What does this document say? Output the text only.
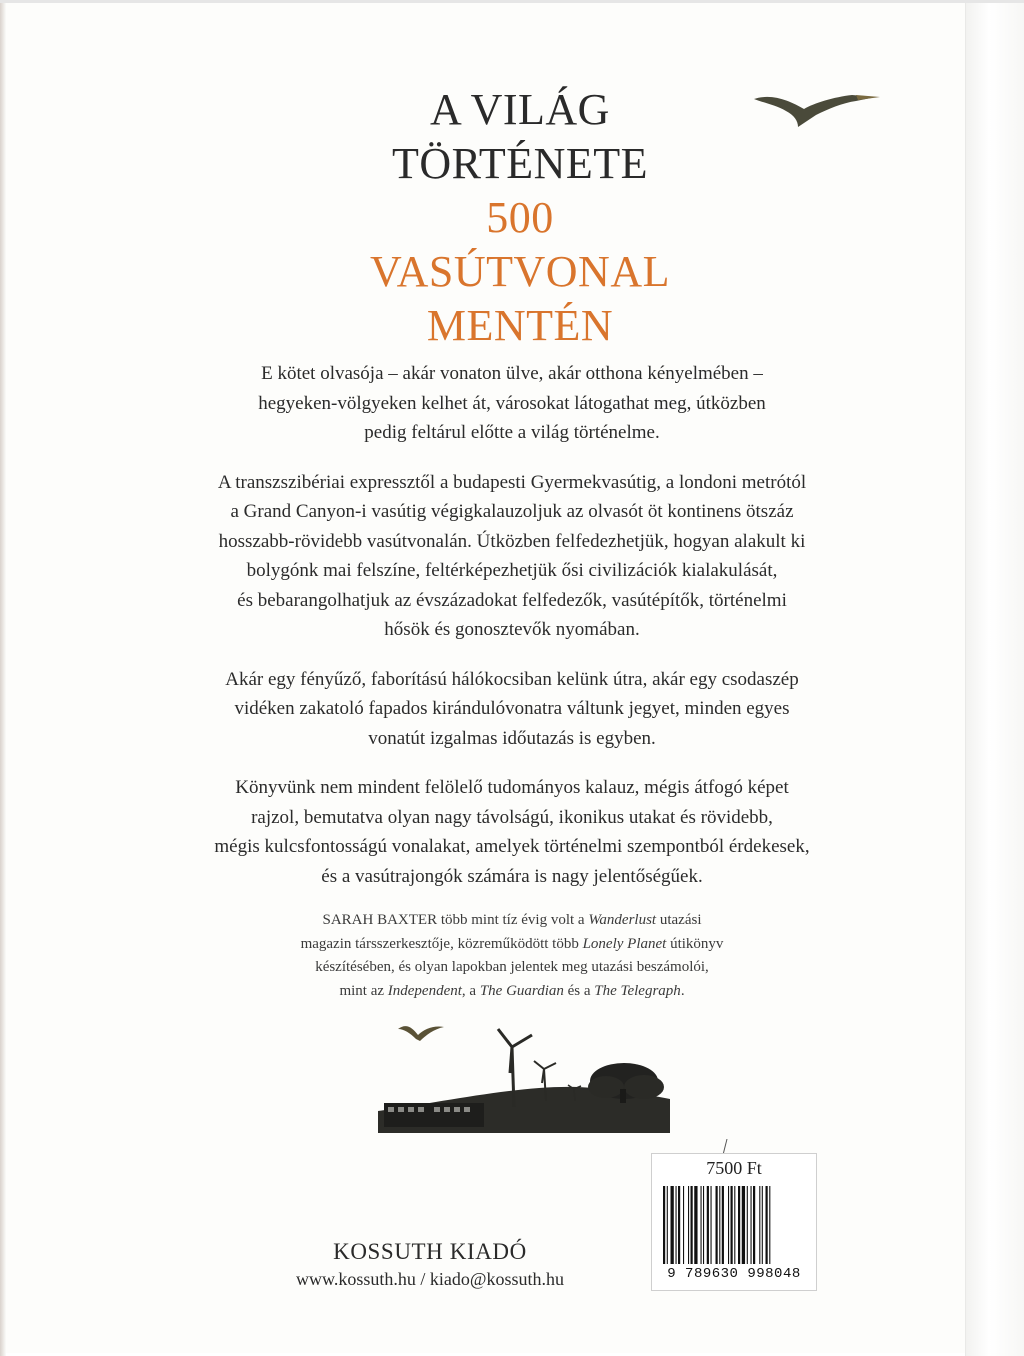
A VILÁG
TÖRTÉNETE
500
VASÚTVONAL
MENTÉN

E kötet olvasója – akár vonaton ülve, akár otthona kényelmében –
hegyeken-völgyeken kelhet át, városokat látogathat meg, útközben
pedig feltárul előtte a világ történelme.

A transzszibériai expressztől a budapesti Gyermekvasútig, a londoni metrótól
a Grand Canyon-i vasútig végigkalauzoljuk az olvasót öt kontinens ötszáz
hosszabb-rövidebb vasútvonalán. Útközben felfedezhetjük, hogyan alakult ki
bolygónk mai felszíne, feltérképezhetjük ősi civilizációk kialakulását,
és bebarangolhatjuk az évszázadokat felfedezők, vasútépítők, történelmi
hősök és gonosztevők nyomában.

Akár egy fényűző, faborítású hálókocsiban kelünk útra, akár egy csodaszép
vidéken zakatoló fapados kirándulóvonatra váltunk jegyet, minden egyes
vonatút izgalmas időutazás is egyben.

Könyvünk nem mindent felölelő tudományos kalauz, mégis átfogó képet
rajzol, bemutatva olyan nagy távolságú, ikonikus utakat és rövidebb,
mégis kulcsfontosságú vonalakat, amelyek történelmi szempontból érdekesek,
és a vasútrajongók számára is nagy jelentőségűek.

SARAH BAXTER több mint tíz évig volt a Wanderlust utazási
magazin társszerkesztője, közreműködött több Lonely Planet útikönyv
készítésében, és olyan lapokban jelentek meg utazási beszámolói,
mint az Independent, a The Guardian és a The Telegraph.

7500 Ft
9 789630 998048
KOSSUTH KIADÓ
www.kossuth.hu / kiado@kossuth.hu
